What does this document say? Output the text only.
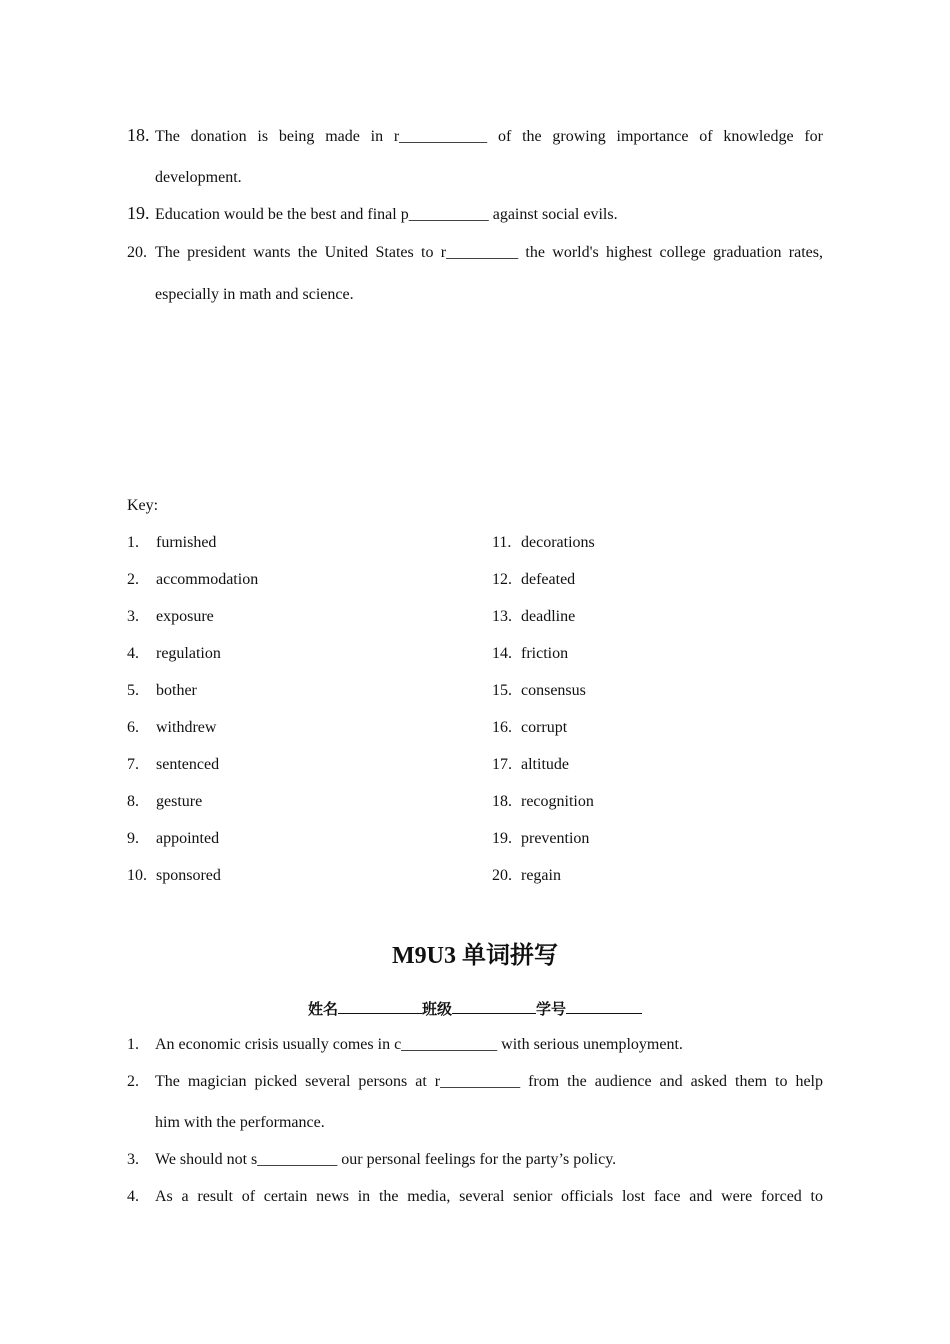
18. The donation is being made in r___________ of the growing importance of knowledge for
development.
19. Education would be the best and final p__________ against social evils.
20. The president wants the United States to r_________ the world's highest college graduation rates,
especially in math and science.
Key:
1. furnished
2. accommodation
3. exposure
4. regulation
5. bother
6. withdrew
7. sentenced
8. gesture
9. appointed
10. sponsored
11. decorations
12. defeated
13. deadline
14. friction
15. consensus
16. corrupt
17. altitude
18. recognition
19. prevention
20. regain
M9U3 单词拼写
姓名	班级	学号
1.	An economic crisis usually comes in c____________ with serious unemployment.
2.	The magician picked several persons at r__________ from the audience and asked them to help
him with the performance.
3.	We should not s__________ our personal feelings for the party’s policy.
4.	As a result of certain news in the media, several senior officials lost face and were forced to
